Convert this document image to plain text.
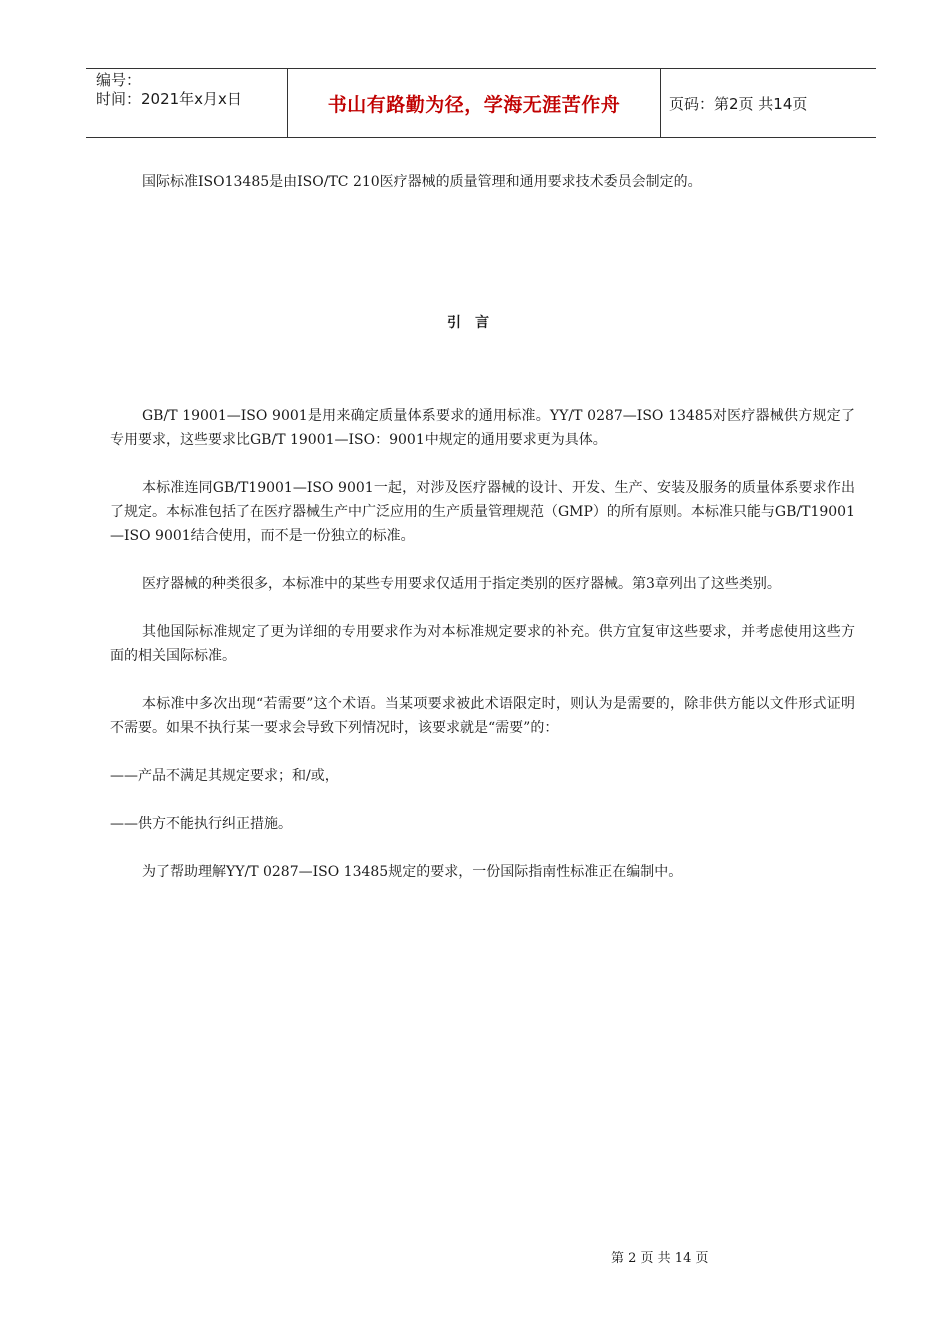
编号：
时间：2021年x月x日	书山有路勤为径，学海无涯苦作舟	页码：第2页 共14页

国际标准ISO13485是由ISO/TC 210医疗器械的质量管理和通用要求技术委员会制定的。

引言

GB/T 19001—ISO 9001是用来确定质量体系要求的通用标准。YY/T 0287—ISO 13485对医疗器械供方规定了专用要求，这些要求比GB/T 19001—ISO：9001中规定的通用要求更为具体。

本标准连同GB/T19001—ISO 9001一起，对涉及医疗器械的设计、开发、生产、安装及服务的质量体系要求作出了规定。本标准包括了在医疗器械生产中广泛应用的生产质量管理规范（GMP）的所有原则。本标准只能与GB/T19001—ISO 9001结合使用，而不是一份独立的标准。

医疗器械的种类很多，本标准中的某些专用要求仅适用于指定类别的医疗器械。第3章列出了这些类别。

其他国际标准规定了更为详细的专用要求作为对本标准规定要求的补充。供方宜复审这些要求，并考虑使用这些方面的相关国际标准。

本标准中多次出现“若需要”这个术语。当某项要求被此术语限定时，则认为是需要的，除非供方能以文件形式证明不需要。如果不执行某一要求会导致下列情况时，该要求就是“需要”的：

——产品不满足其规定要求；和/或，

——供方不能执行纠正措施。

为了帮助理解YY/T 0287—ISO 13485规定的要求，一份国际指南性标准正在编制中。

第 2 页 共 14 页
